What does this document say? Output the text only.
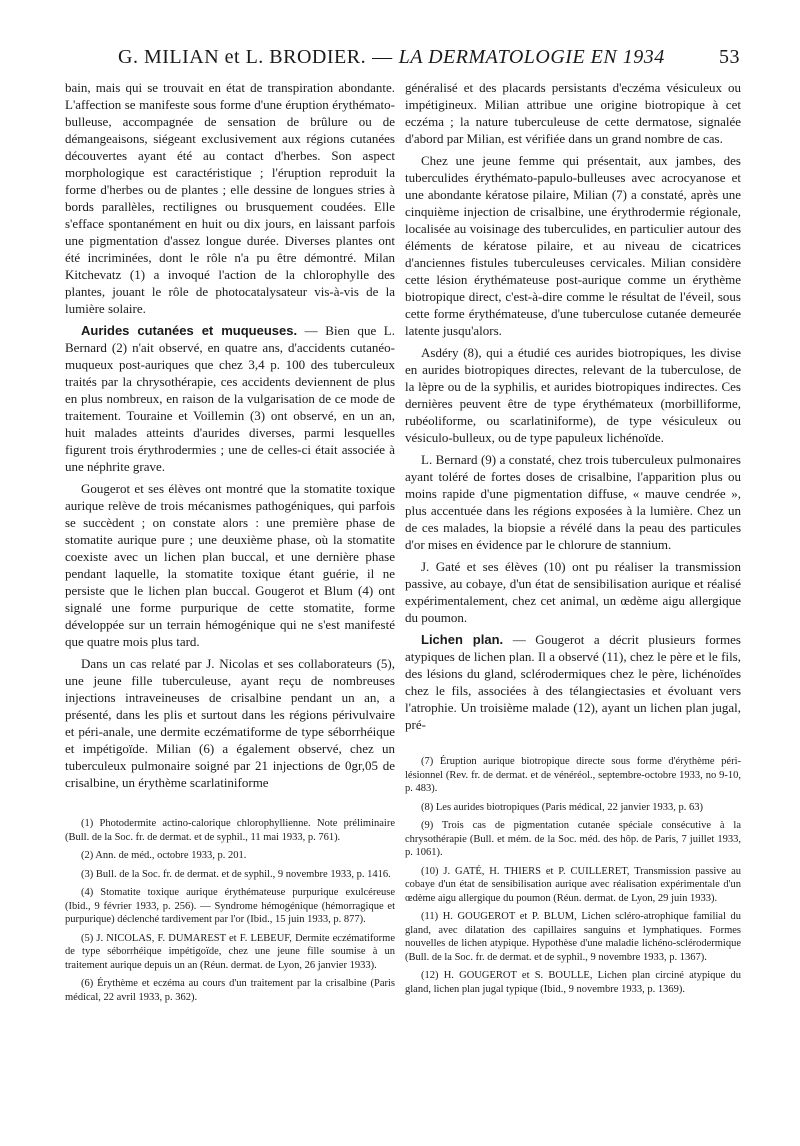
G. MILIAN et L. BRODIER. — LA DERMATOLOGIE EN 1934	53

bain, mais qui se trouvait en état de transpiration abondante. L'affection se manifeste sous forme d'une éruption érythémato-bulleuse, accompagnée de sensation de brûlure ou de démangeaisons, siégeant exclusivement aux régions cutanées découvertes ayant été au contact d'herbes. Son aspect morphologique est caractéristique ; l'éruption reproduit la forme d'herbes ou de plantes ; elle dessine de longues stries à bords parallèles, rectilignes ou brusquement coudées. Elle s'efface spontanément en huit ou dix jours, en laissant parfois une pigmentation d'assez longue durée. Diverses plantes ont été incriminées, dont le rôle n'a pu être démontré. Milan Kitchevatz (1) a invoqué l'action de la chlorophylle des plantes, jouant le rôle de photocatalysateur vis-à-vis de la lumière solaire.

Aurides cutanées et muqueuses. — Bien que L. Bernard (2) n'ait observé, en quatre ans, d'accidents cutanéo-muqueux post-auriques que chez 3,4 p. 100 des tuberculeux traités par la chrysothérapie, ces accidents deviennent de plus en plus nombreux, en raison de la vulgarisation de ce mode de traitement. Touraine et Voillemin (3) ont observé, en un an, huit malades atteints d'aurides diverses, parmi lesquelles figurent trois érythrodermies ; une de celles-ci était associée à une néphrite grave.

Gougerot et ses élèves ont montré que la stomatite toxique aurique relève de trois mécanismes pathogéniques, qui parfois se succèdent ; on constate alors : une première phase de stomatite aurique pure ; une deuxième phase, où la stomatite coexiste avec un lichen plan buccal, et une dernière phase pendant laquelle, la stomatite toxique étant guérie, il ne persiste que le lichen plan buccal. Gougerot et Blum (4) ont signalé une forme purpurique de cette stomatite, forme développée sur un terrain hémogénique qui ne s'est manifesté que quatre mois plus tard.

Dans un cas relaté par J. Nicolas et ses collaborateurs (5), une jeune fille tuberculeuse, ayant reçu de nombreuses injections intraveineuses de crisalbine pendant un an, a présenté, dans les plis et surtout dans les régions périvulvaire et péri-anale, une dermite eczématiforme de type séborrhéique et impétigoïde. Milian (6) a également observé, chez un tuberculeux pulmonaire soigné par 21 injections de 0gr,05 de crisalbine, un érythème scarlatiniforme

(1) Photodermite actino-calorique chlorophyllienne. Note préliminaire (Bull. de la Soc. fr. de dermat. et de syphil., 11 mai 1933, p. 761).

(2) Ann. de méd., octobre 1933, p. 201.

(3) Bull. de la Soc. fr. de dermat. et de syphil., 9 novembre 1933, p. 1416.

(4) Stomatite toxique aurique érythémateuse purpurique exulcéreuse (Ibid., 9 février 1933, p. 256). — Syndrome hémogénique (hémorragique et purpurique) déclenché tardivement par l'or (Ibid., 15 juin 1933, p. 877).

(5) J. NICOLAS, F. DUMAREST et F. LEBEUF, Dermite eczématiforme de type séborrhéique impétigoïde, chez une jeune fille soumise à un traitement aurique depuis un an (Réun. dermat. de Lyon, 26 janvier 1933).

(6) Érythème et eczéma au cours d'un traitement par la crisalbine (Paris médical, 22 avril 1933, p. 362).

généralisé et des placards persistants d'eczéma vésiculeux ou impétigineux. Milian attribue une origine biotropique à cet eczéma ; la nature tuberculeuse de cette dermatose, signalée d'abord par Milian, est vérifiée dans un grand nombre de cas.

Chez une jeune femme qui présentait, aux jambes, des tuberculides érythémato-papulo-bulleuses avec acrocyanose et une abondante kératose pilaire, Milian (7) a constaté, après une cinquième injection de crisalbine, une érythrodermie régionale, localisée au voisinage des tuberculides, en particulier autour des éléments de kératose pilaire, et au niveau de cicatrices d'anciennes fistules tuberculeuses cervicales. Milian considère cette lésion érythémateuse post-aurique comme un érythème biotropique direct, c'est-à-dire comme le résultat de l'éveil, sous cette forme érythémateuse, d'une tuberculose cutanée demeurée latente jusqu'alors.

Asdéry (8), qui a étudié ces aurides biotropiques, les divise en aurides biotropiques directes, relevant de la tuberculose, de la lèpre ou de la syphilis, et aurides biotropiques indirectes. Ces dernières peuvent être de type érythémateux (morbilliforme, rubéoliforme, ou scarlatiniforme), de type vésiculeux ou vésiculo-bulleux, ou de type papuleux lichénoïde.

L. Bernard (9) a constaté, chez trois tuberculeux pulmonaires ayant toléré de fortes doses de crisalbine, l'apparition plus ou moins rapide d'une pigmentation diffuse, « mauve cendrée », plus accentuée dans les régions exposées à la lumière. Chez un de ces malades, la biopsie a révélé dans la peau des particules d'or mises en évidence par le chlorure de stannium.

J. Gaté et ses élèves (10) ont pu réaliser la transmission passive, au cobaye, d'un état de sensibilisation aurique et réalisé expérimentalement, chez cet animal, un œdème aigu allergique du poumon.

Lichen plan. — Gougerot a décrit plusieurs formes atypiques de lichen plan. Il a observé (11), chez le père et le fils, des lésions du gland, sclérodermiques chez le père, lichénoïdes chez le fils, associées à des télangiectasies et évoluant vers l'atrophie. Un troisième malade (12), ayant un lichen plan jugal, pré-

(7) Éruption aurique biotropique directe sous forme d'érythème péri-lésionnel (Rev. fr. de dermat. et de vénéréol., septembre-octobre 1933, no 9-10, p. 483).

(8) Les aurides biotropiques (Paris médical, 22 janvier 1933, p. 63)

(9) Trois cas de pigmentation cutanée spéciale consécutive à la chrysothérapie (Bull. et mém. de la Soc. méd. des hôp. de Paris, 7 juillet 1933, p. 1061).

(10) J. GATÉ, H. THIERS et P. CUILLERET, Transmission passive au cobaye d'un état de sensibilisation aurique avec réalisation expérimentale d'un œdème aigu allergique du poumon (Réun. dermat. de Lyon, 29 juin 1933).

(11) H. GOUGEROT et P. BLUM, Lichen scléro-atrophique familial du gland, avec dilatation des capillaires sanguins et lymphatiques. Formes nouvelles de lichen atypique. Hypothèse d'une maladie lichéno-sclérodermique (Bull. de la Soc. fr. de dermat. et de syphil., 9 novembre 1933, p. 1367).

(12) H. GOUGEROT et S. BOULLE, Lichen plan circiné atypique du gland, lichen plan jugal typique (Ibid., 9 novembre 1933, p. 1369).
